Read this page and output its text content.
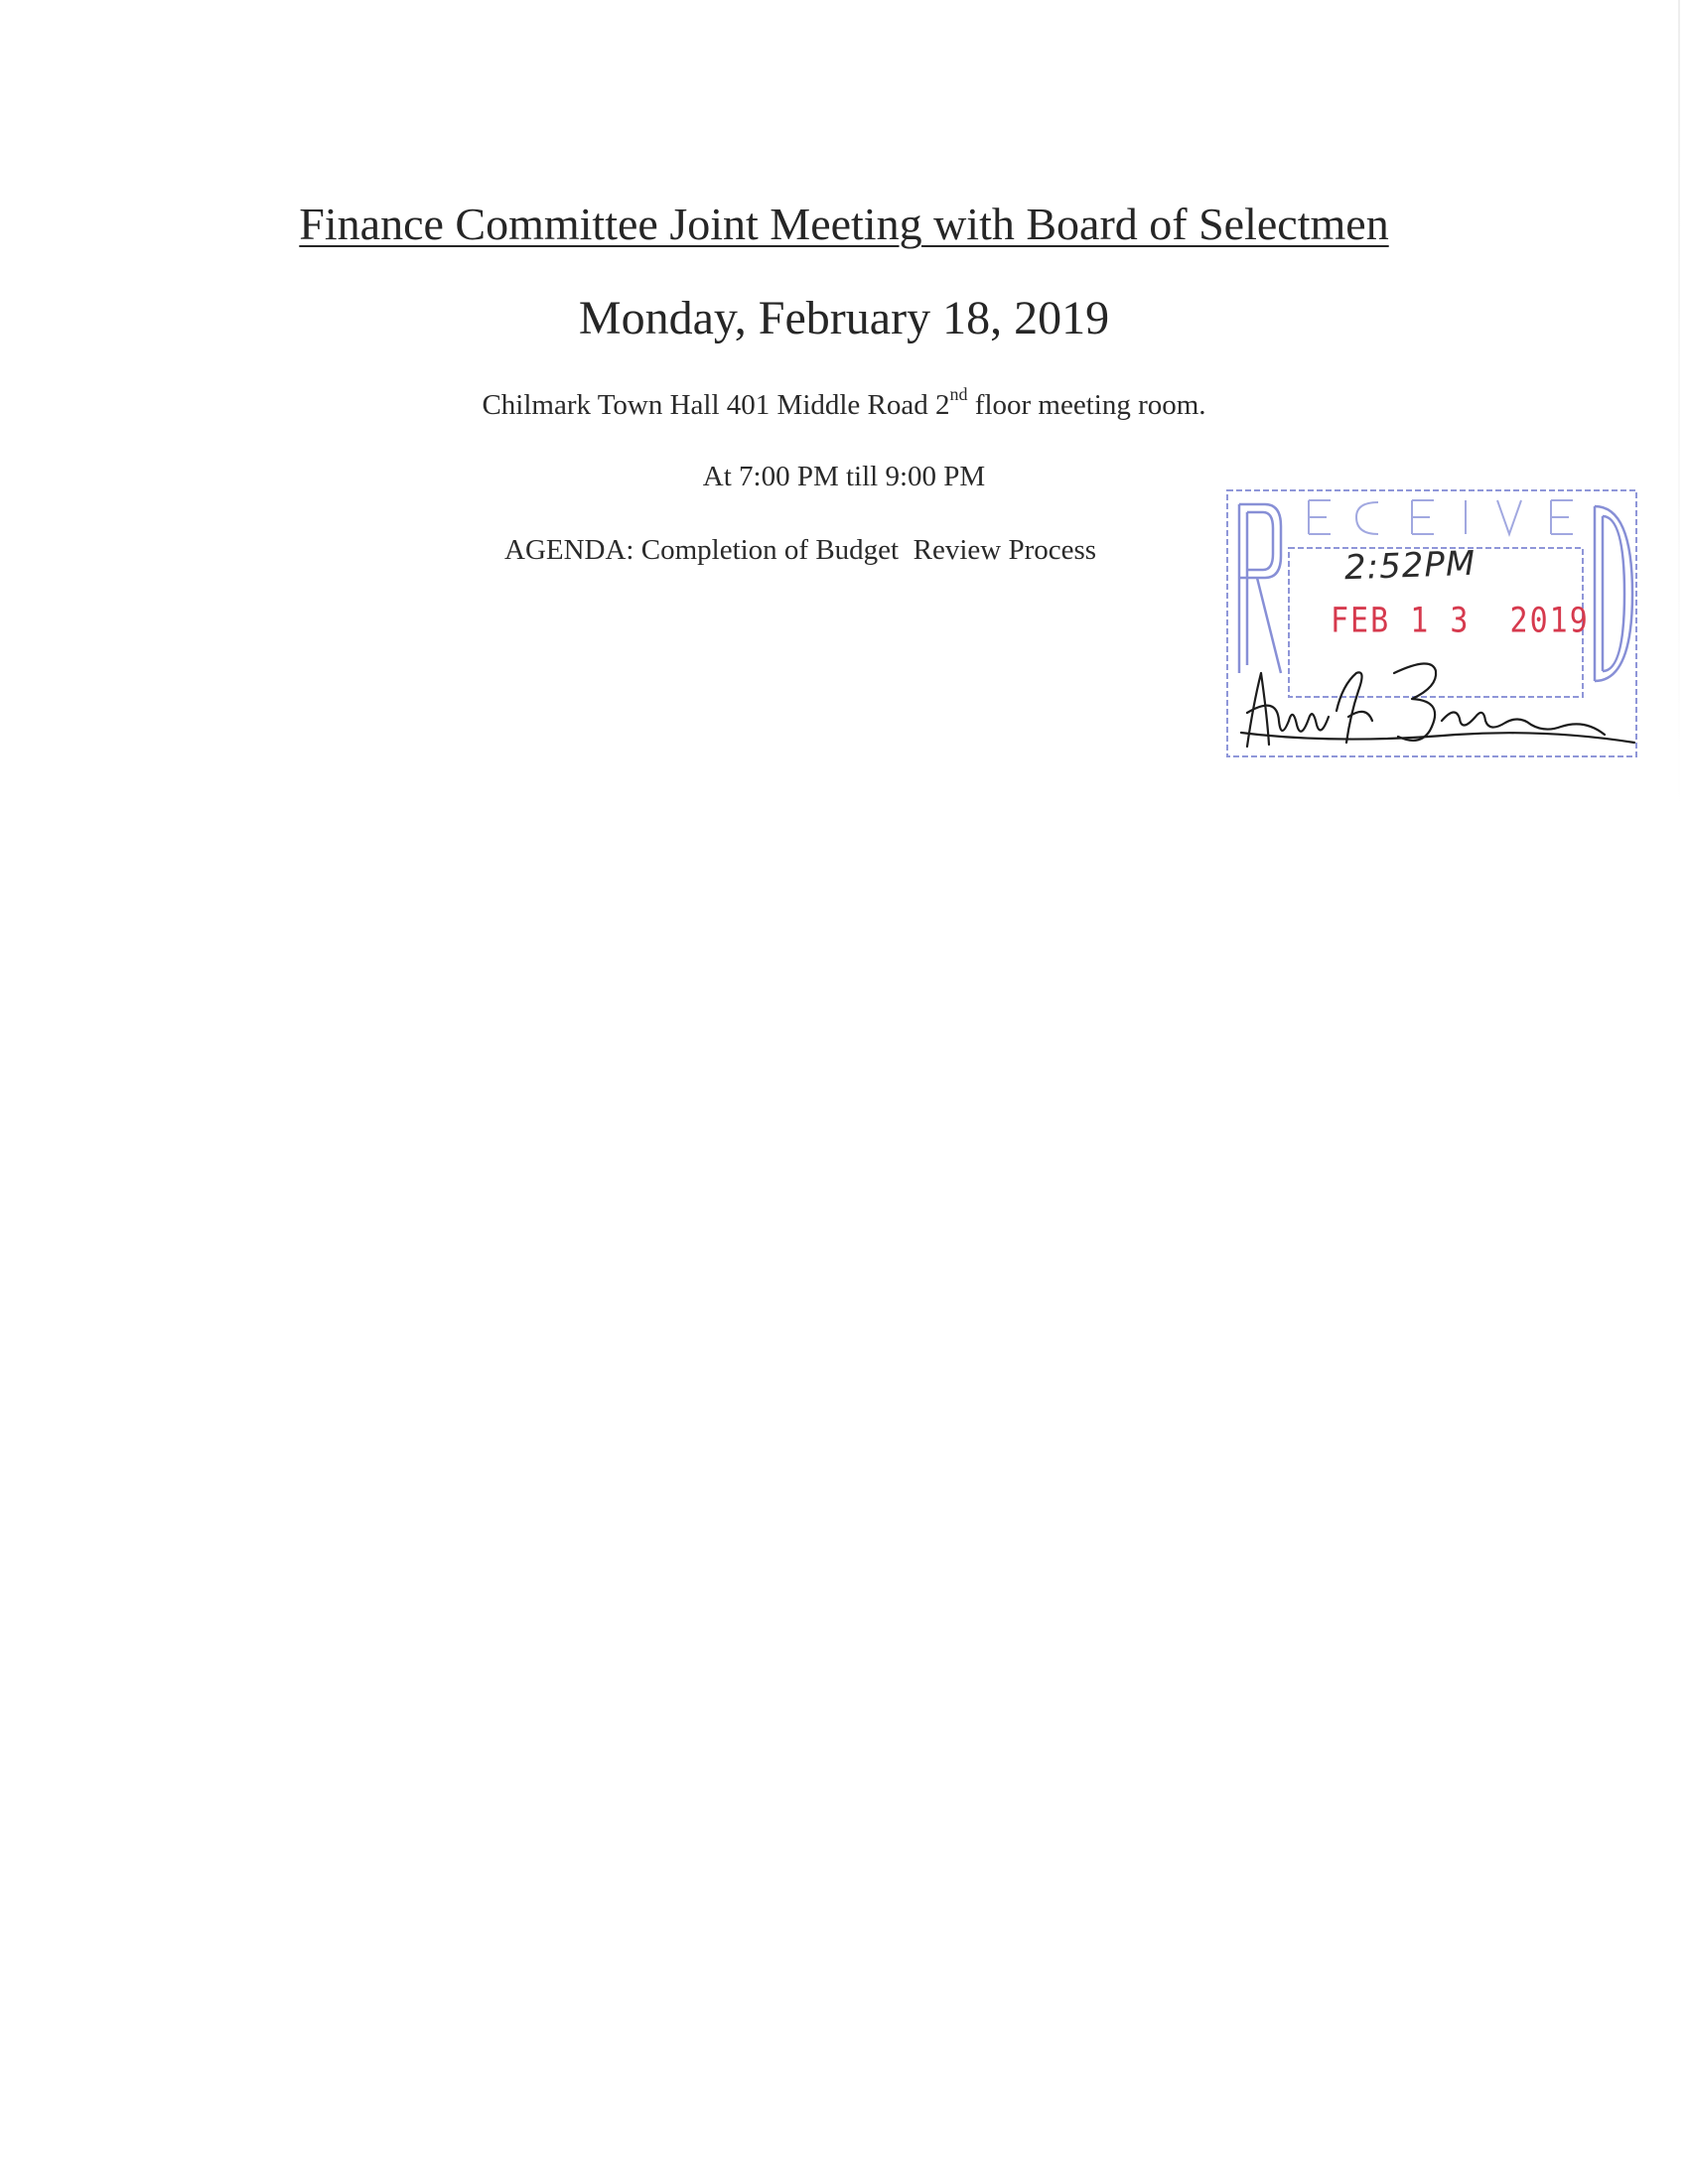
Finance Committee Joint Meeting with Board of Selectmen
Monday, February 18, 2019
Chilmark Town Hall 401 Middle Road 2nd floor meeting room.
At 7:00 PM till 9:00 PM
AGENDA: Completion of Budget  Review Process	2:52PM
FEB 1 3  2019
